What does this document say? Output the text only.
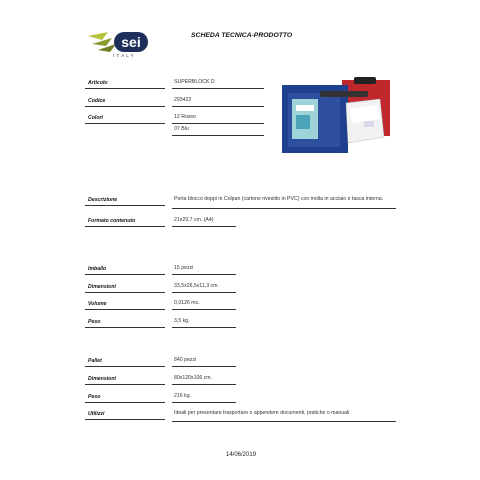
sei
ITALY
SCHEDA TECNICA-PRODOTTO
Articolo	SUPERBLOCK D
Codice	293422
Colori	12 Rosso
07 Blu
Descrizione	Porta blocco doppi in Colpan (cartone rivestito in PVC) con molla in acciaio e tasca interna.
Formato contenuto	21x29,7 cm. (A4)
Imballo	15 pezzi
Dimensioni	33,5x26,5x11,3 cm.
Volume	0,0126 mc.
Peso	3,5 kg.
Pallet	840 pezzi
Dimensioni	80x120x106 cm.
Peso	216 kg.
Utilizzi	Ideali per presentare trasportare o appendere documenti, pratiche o manuali
14/06/2019
